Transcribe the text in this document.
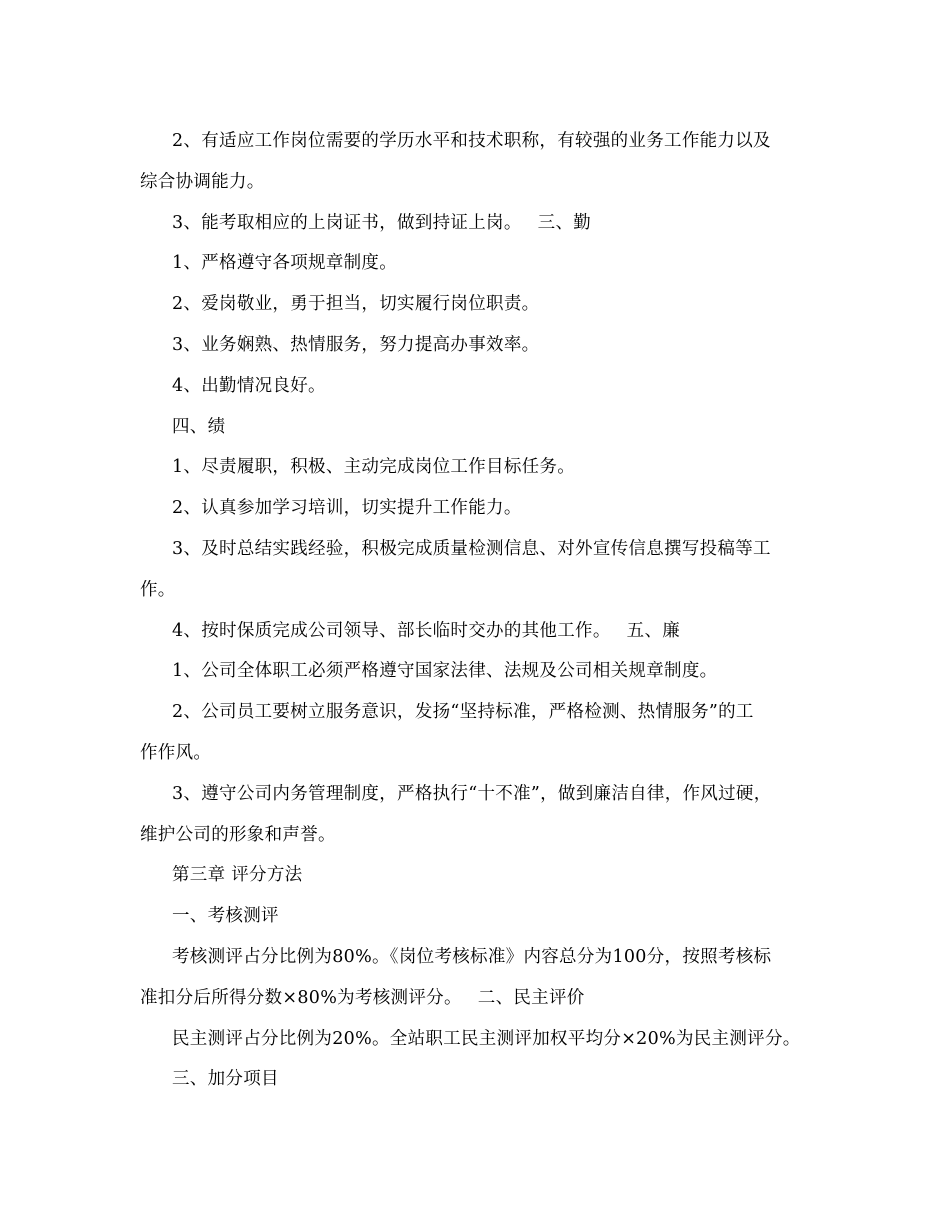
2、有适应工作岗位需要的学历水平和技术职称，有较强的业务工作能力以及
综合协调能力。
3、能考取相应的上岗证书，做到持证上岗。 三、勤
1、严格遵守各项规章制度。
2、爱岗敬业，勇于担当，切实履行岗位职责。
3、业务娴熟、热情服务，努力提高办事效率。
4、出勤情况良好。
四、绩
1、尽责履职，积极、主动完成岗位工作目标任务。
2、认真参加学习培训，切实提升工作能力。
3、及时总结实践经验，积极完成质量检测信息、对外宣传信息撰写投稿等工
作。
4、按时保质完成公司领导、部长临时交办的其他工作。 五、廉
1、公司全体职工必须严格遵守国家法律、法规及公司相关规章制度。
2、公司员工要树立服务意识，发扬“坚持标准，严格检测、热情服务”的工
作作风。
3、遵守公司内务管理制度，严格执行“十不准”，做到廉洁自律，作风过硬，
维护公司的形象和声誉。
第三章 评分方法
一、考核测评
考核测评占分比例为80%。《岗位考核标准》内容总分为100分，按照考核标
准扣分后所得分数×80%为考核测评分。 二、民主评价
民主测评占分比例为20%。全站职工民主测评加权平均分×20%为民主测评分。
三、加分项目
